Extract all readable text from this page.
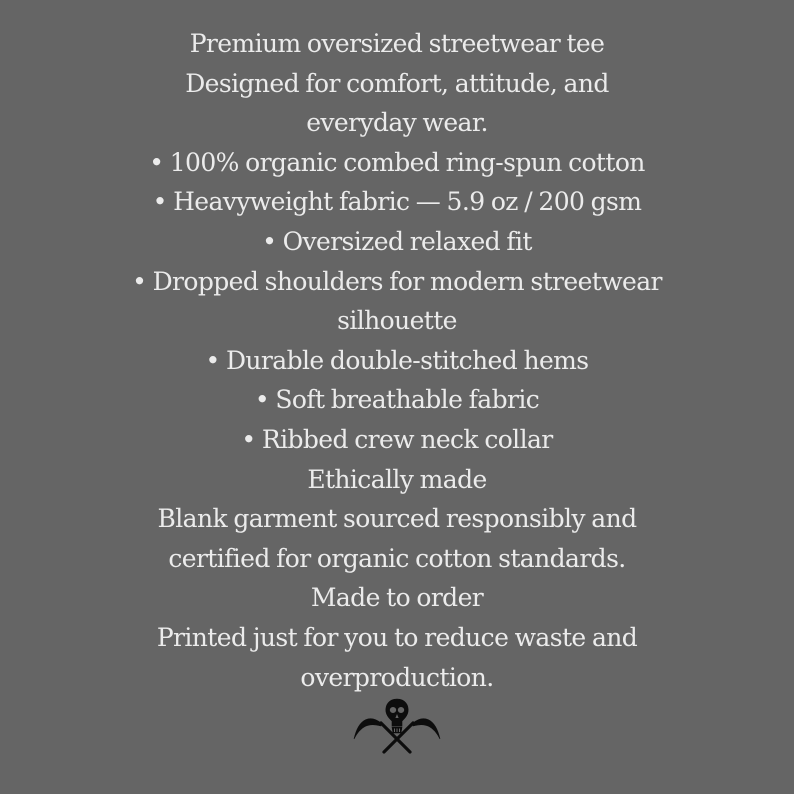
Premium oversized streetwear tee
Designed for comfort, attitude, and
everyday wear.
• 100% organic combed ring-spun cotton
• Heavyweight fabric — 5.9 oz / 200 gsm
• Oversized relaxed fit
• Dropped shoulders for modern streetwear
silhouette
• Durable double-stitched hems
• Soft breathable fabric
• Ribbed crew neck collar
Ethically made
Blank garment sourced responsibly and
certified for organic cotton standards.
Made to order
Printed just for you to reduce waste and
overproduction.
